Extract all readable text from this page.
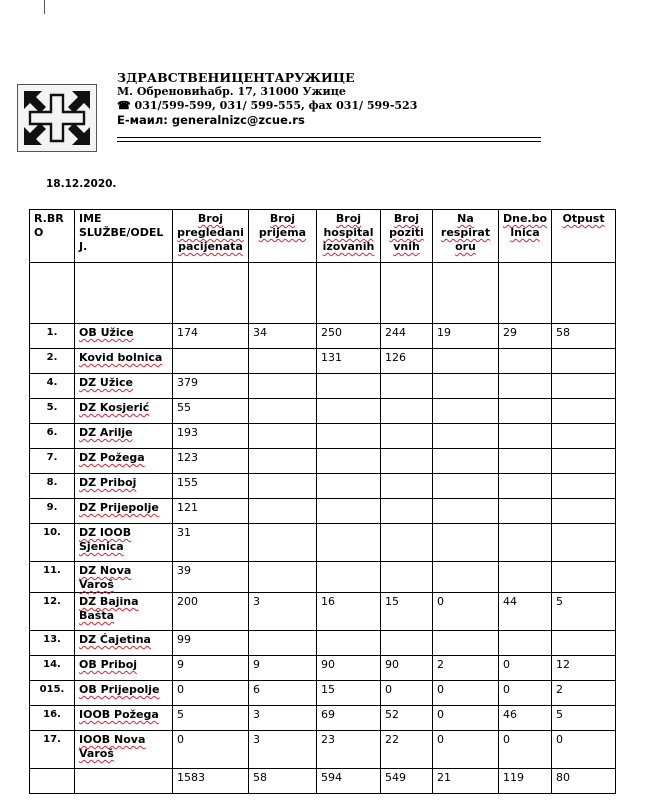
ЗДРАВСТВЕНИЦЕНТАРУЖИЦЕ
М. Обреновићабр. 17, 31000 Ужице
☎ 031/599-599, 031/ 599-555, фах 031/ 599-523
Е-маил: generalnizc@zcue.rs
18.12.2020.
R.BR O	IME SLUŽBE/ODEL J.	Broj pregledani pacijenata	Broj prijema	Broj hospital izovanih	Broj poziti vnih	Na respirat oru	Dne.bo lnica	Otpust

1.	OB Užice	174	34	250	244	19	29	58
2.	Kovid bolnica			131	126			
4.	DZ Užice	379						
5.	DZ Kosjerić	55						
6.	DZ Arilje	193						
7.	DZ Požega	123						
8.	DZ Priboj	155						
9.	DZ Prijepolje	121						
10.	DZ IOOB Sjenica	31						
11.	DZ Nova Varoš	39						
12.	DZ Bajina Bašta	200	3	16	15	0	44	5
13.	DZ Ćajetina	99						
14.	OB Priboj	9	9	90	90	2	0	12
015.	OB Prijepolje	0	6	15	0	0	0	2
16.	IOOB Požega	5	3	69	52	0	46	5
17.	IOOB Nova Varoš	0	3	23	22	0	0	0
		1583	58	594	549	21	119	80
